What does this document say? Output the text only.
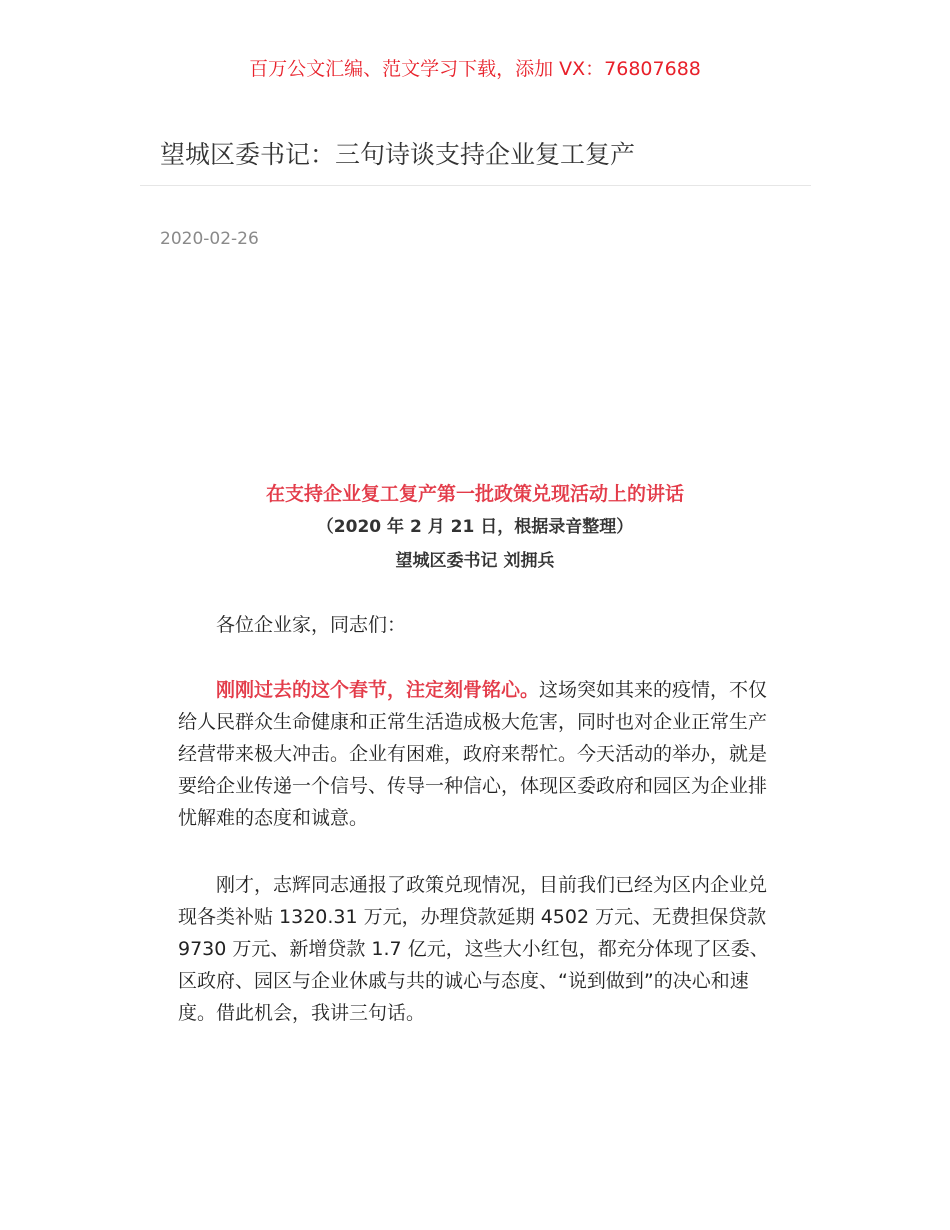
百万公文汇编、范文学习下载，添加 VX：76807688
望城区委书记：三句诗谈支持企业复工复产
2020-02-26
在支持企业复工复产第一批政策兑现活动上的讲话
（2020 年 2 月 21 日，根据录音整理）
望城区委书记 刘拥兵

各位企业家，同志们：

刚刚过去的这个春节，注定刻骨铭心。这场突如其来的疫情，不仅给人民群众生命健康和正常生活造成极大危害，同时也对企业正常生产经营带来极大冲击。企业有困难，政府来帮忙。今天活动的举办，就是要给企业传递一个信号、传导一种信心，体现区委政府和园区为企业排忧解难的态度和诚意。

刚才，志辉同志通报了政策兑现情况，目前我们已经为区内企业兑现各类补贴 1320.31 万元，办理贷款延期 4502 万元、无费担保贷款 9730 万元、新增贷款 1.7 亿元，这些大小红包，都充分体现了区委、区政府、园区与企业休戚与共的诚心与态度、“说到做到”的决心和速度。借此机会，我讲三句话。
